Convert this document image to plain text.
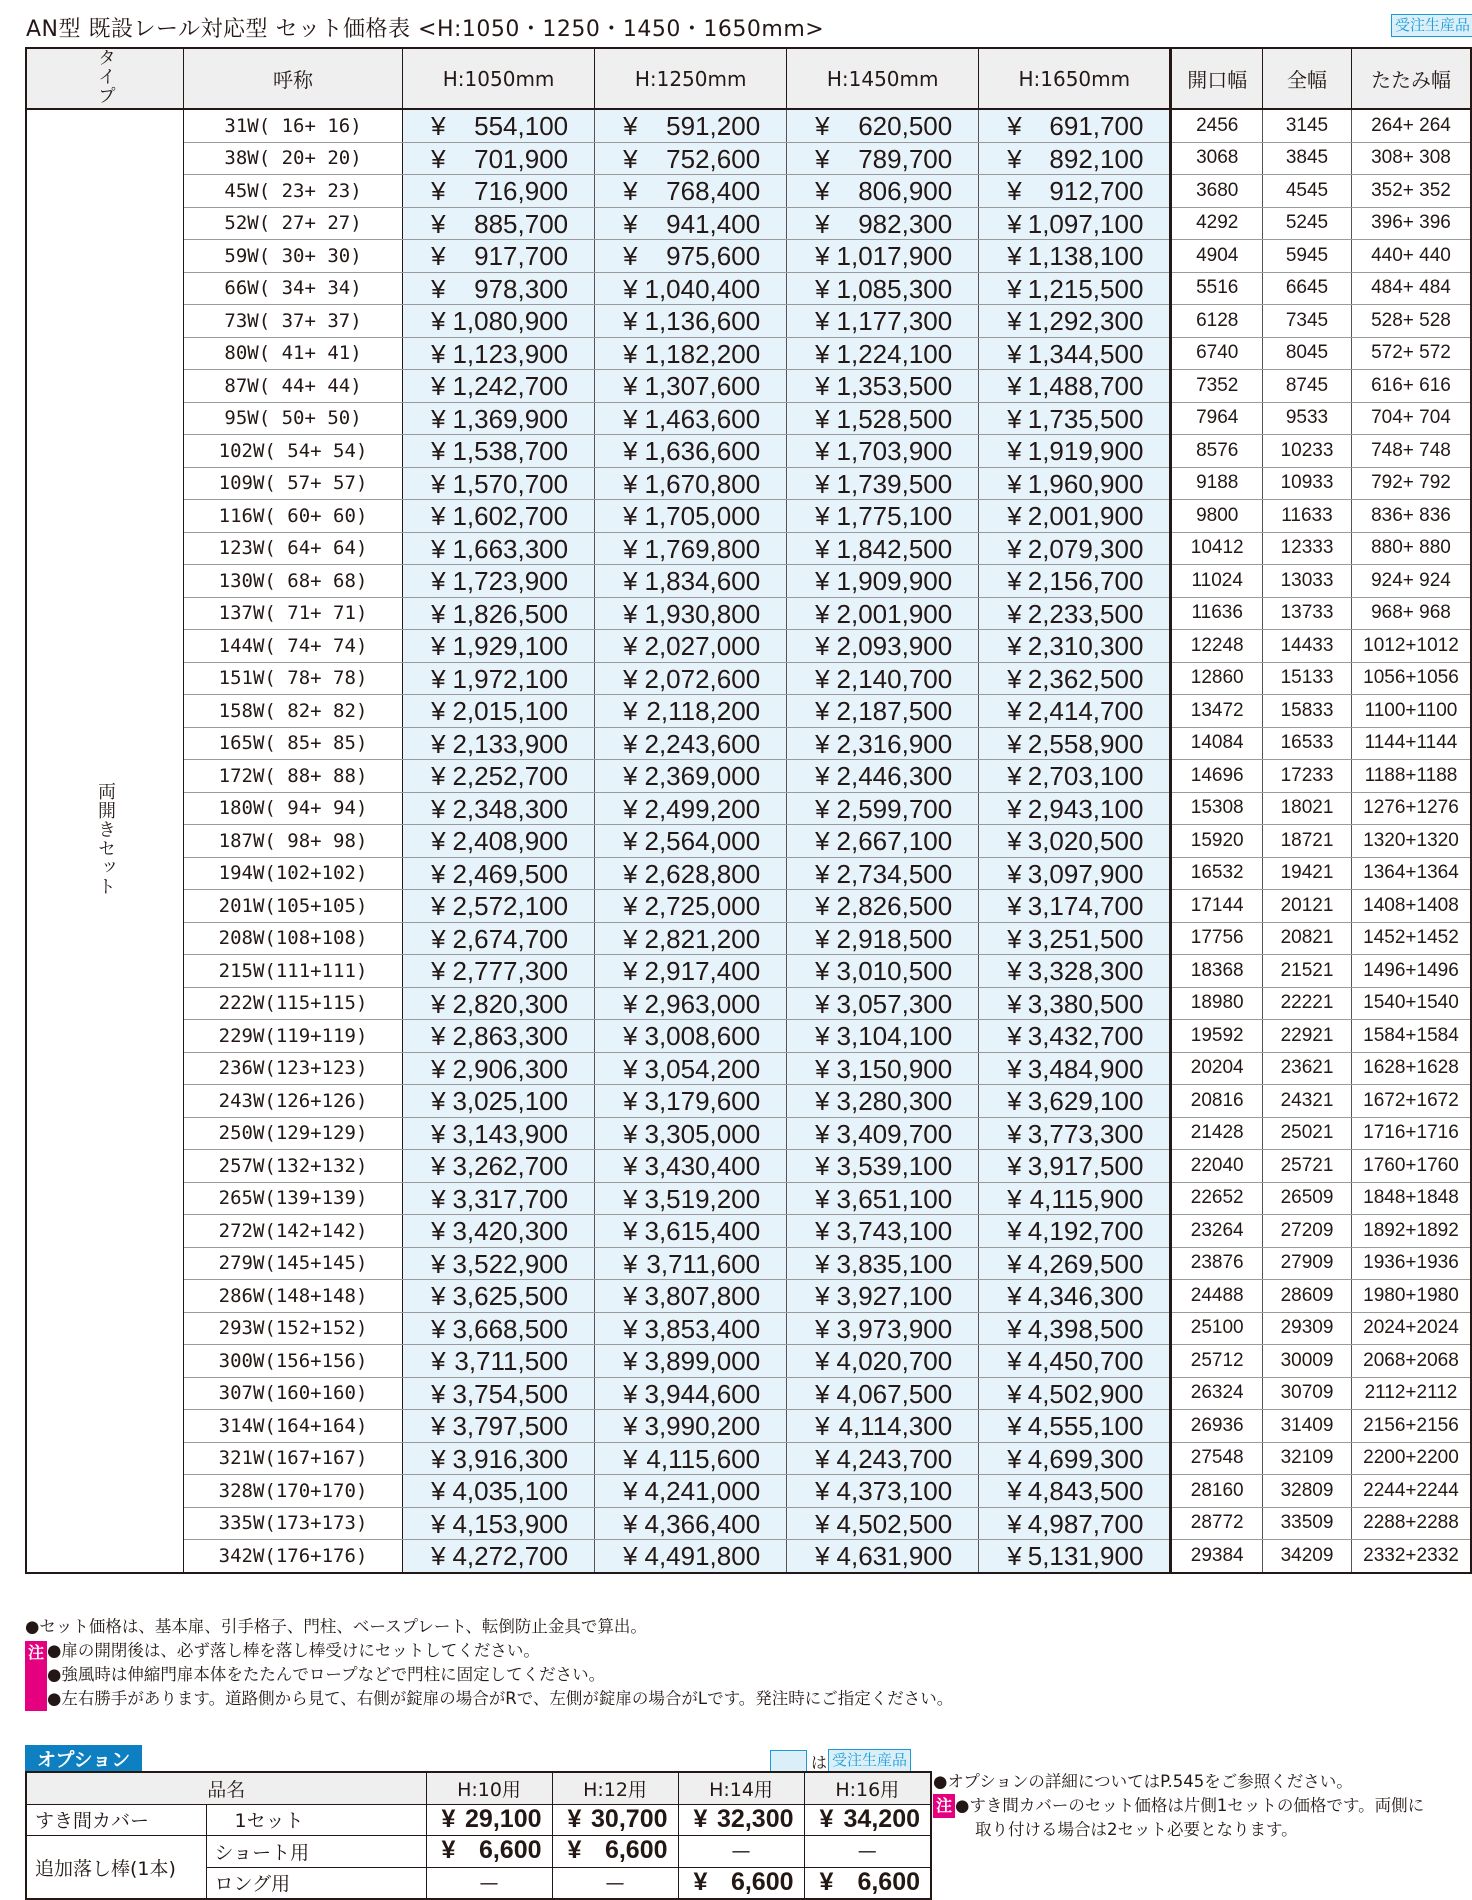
AN型 既設レール対応型 セット価格表 <H:1050・1250・1450・1650mm>	受注生産品
タイプ	呼称	H:1050mm	H:1250mm	H:1450mm	H:1650mm	開口幅	全幅	たたみ幅
両開きセット	31W( 16+ 16)	¥ 554,100	¥ 591,200	¥ 620,500	¥ 691,700	2456	3145	264+ 264
	38W( 20+ 20)	¥ 701,900	¥ 752,600	¥ 789,700	¥ 892,100	3068	3845	308+ 308
	45W( 23+ 23)	¥ 716,900	¥ 768,400	¥ 806,900	¥ 912,700	3680	4545	352+ 352
	52W( 27+ 27)	¥ 885,700	¥ 941,400	¥ 982,300	¥ 1,097,100	4292	5245	396+ 396
	59W( 30+ 30)	¥ 917,700	¥ 975,600	¥ 1,017,900	¥ 1,138,100	4904	5945	440+ 440
	66W( 34+ 34)	¥ 978,300	¥ 1,040,400	¥ 1,085,300	¥ 1,215,500	5516	6645	484+ 484
	73W( 37+ 37)	¥ 1,080,900	¥ 1,136,600	¥ 1,177,300	¥ 1,292,300	6128	7345	528+ 528
	80W( 41+ 41)	¥ 1,123,900	¥ 1,182,200	¥ 1,224,100	¥ 1,344,500	6740	8045	572+ 572
	87W( 44+ 44)	¥ 1,242,700	¥ 1,307,600	¥ 1,353,500	¥ 1,488,700	7352	8745	616+ 616
	95W( 50+ 50)	¥ 1,369,900	¥ 1,463,600	¥ 1,528,500	¥ 1,735,500	7964	9533	704+ 704
	102W( 54+ 54)	¥ 1,538,700	¥ 1,636,600	¥ 1,703,900	¥ 1,919,900	8576	10233	748+ 748
	109W( 57+ 57)	¥ 1,570,700	¥ 1,670,800	¥ 1,739,500	¥ 1,960,900	9188	10933	792+ 792
	116W( 60+ 60)	¥ 1,602,700	¥ 1,705,000	¥ 1,775,100	¥ 2,001,900	9800	11633	836+ 836
	123W( 64+ 64)	¥ 1,663,300	¥ 1,769,800	¥ 1,842,500	¥ 2,079,300	10412	12333	880+ 880
	130W( 68+ 68)	¥ 1,723,900	¥ 1,834,600	¥ 1,909,900	¥ 2,156,700	11024	13033	924+ 924
	137W( 71+ 71)	¥ 1,826,500	¥ 1,930,800	¥ 2,001,900	¥ 2,233,500	11636	13733	968+ 968
	144W( 74+ 74)	¥ 1,929,100	¥ 2,027,000	¥ 2,093,900	¥ 2,310,300	12248	14433	1012+1012
	151W( 78+ 78)	¥ 1,972,100	¥ 2,072,600	¥ 2,140,700	¥ 2,362,500	12860	15133	1056+1056
	158W( 82+ 82)	¥ 2,015,100	¥ 2,118,200	¥ 2,187,500	¥ 2,414,700	13472	15833	1100+1100
	165W( 85+ 85)	¥ 2,133,900	¥ 2,243,600	¥ 2,316,900	¥ 2,558,900	14084	16533	1144+1144
	172W( 88+ 88)	¥ 2,252,700	¥ 2,369,000	¥ 2,446,300	¥ 2,703,100	14696	17233	1188+1188
	180W( 94+ 94)	¥ 2,348,300	¥ 2,499,200	¥ 2,599,700	¥ 2,943,100	15308	18021	1276+1276
	187W( 98+ 98)	¥ 2,408,900	¥ 2,564,000	¥ 2,667,100	¥ 3,020,500	15920	18721	1320+1320
	194W(102+102)	¥ 2,469,500	¥ 2,628,800	¥ 2,734,500	¥ 3,097,900	16532	19421	1364+1364
	201W(105+105)	¥ 2,572,100	¥ 2,725,000	¥ 2,826,500	¥ 3,174,700	17144	20121	1408+1408
	208W(108+108)	¥ 2,674,700	¥ 2,821,200	¥ 2,918,500	¥ 3,251,500	17756	20821	1452+1452
	215W(111+111)	¥ 2,777,300	¥ 2,917,400	¥ 3,010,500	¥ 3,328,300	18368	21521	1496+1496
	222W(115+115)	¥ 2,820,300	¥ 2,963,000	¥ 3,057,300	¥ 3,380,500	18980	22221	1540+1540
	229W(119+119)	¥ 2,863,300	¥ 3,008,600	¥ 3,104,100	¥ 3,432,700	19592	22921	1584+1584
	236W(123+123)	¥ 2,906,300	¥ 3,054,200	¥ 3,150,900	¥ 3,484,900	20204	23621	1628+1628
	243W(126+126)	¥ 3,025,100	¥ 3,179,600	¥ 3,280,300	¥ 3,629,100	20816	24321	1672+1672
	250W(129+129)	¥ 3,143,900	¥ 3,305,000	¥ 3,409,700	¥ 3,773,300	21428	25021	1716+1716
	257W(132+132)	¥ 3,262,700	¥ 3,430,400	¥ 3,539,100	¥ 3,917,500	22040	25721	1760+1760
	265W(139+139)	¥ 3,317,700	¥ 3,519,200	¥ 3,651,100	¥ 4,115,900	22652	26509	1848+1848
	272W(142+142)	¥ 3,420,300	¥ 3,615,400	¥ 3,743,100	¥ 4,192,700	23264	27209	1892+1892
	279W(145+145)	¥ 3,522,900	¥ 3,711,600	¥ 3,835,100	¥ 4,269,500	23876	27909	1936+1936
	286W(148+148)	¥ 3,625,500	¥ 3,807,800	¥ 3,927,100	¥ 4,346,300	24488	28609	1980+1980
	293W(152+152)	¥ 3,668,500	¥ 3,853,400	¥ 3,973,900	¥ 4,398,500	25100	29309	2024+2024
	300W(156+156)	¥ 3,711,500	¥ 3,899,000	¥ 4,020,700	¥ 4,450,700	25712	30009	2068+2068
	307W(160+160)	¥ 3,754,500	¥ 3,944,600	¥ 4,067,500	¥ 4,502,900	26324	30709	2112+2112
	314W(164+164)	¥ 3,797,500	¥ 3,990,200	¥ 4,114,300	¥ 4,555,100	26936	31409	2156+2156
	321W(167+167)	¥ 3,916,300	¥ 4,115,600	¥ 4,243,700	¥ 4,699,300	27548	32109	2200+2200
	328W(170+170)	¥ 4,035,100	¥ 4,241,000	¥ 4,373,100	¥ 4,843,500	28160	32809	2244+2244
	335W(173+173)	¥ 4,153,900	¥ 4,366,400	¥ 4,502,500	¥ 4,987,700	28772	33509	2288+2288
	342W(176+176)	¥ 4,272,700	¥ 4,491,800	¥ 4,631,900	¥ 5,131,900	29384	34209	2332+2332
●セット価格は、基本扉、引手格子、門柱、ベースプレート、転倒防止金具で算出。
●扉の開閉後は、必ず落し棒を落し棒受けにセットしてください。
●強風時は伸縮門扉本体をたたんでロープなどで門柱に固定してください。
●左右勝手があります。道路側から見て、右側が錠扉の場合がRで、左側が錠扉の場合がLです。発注時にご指定ください。
注
オプション	は 受注生産品
品名		H:10用	H:12用	H:14用	H:16用
すき間カバー	1セット	¥ 29,100	¥ 30,700	¥ 32,300	¥ 34,200

追加落し棒(1本)	ショート用	¥ 6,600	¥ 6,600	—	—
	ロング用	—	—	¥ 6,600	¥ 6,600
●オプションの詳細についてはP.545をご参照ください。
●すき間カバーのセット価格は片側1セットの価格です。両側に
取り付ける場合は2セット必要となります。
注
